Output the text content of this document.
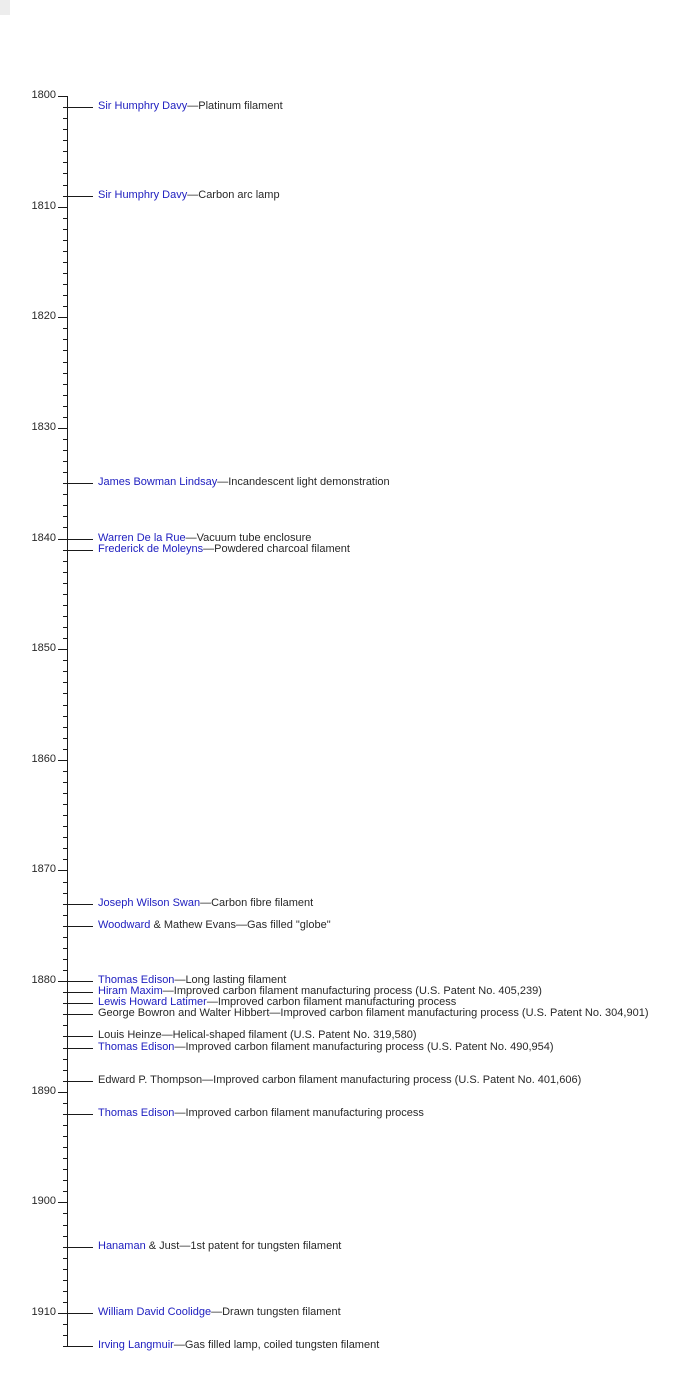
1800
1810
1820
1830
1840
1850
1860
1870
1880
1890
1900
1910
Sir Humphry Davy—Platinum filament
Sir Humphry Davy—Carbon arc lamp
James Bowman Lindsay—Incandescent light demonstration
Warren De la Rue—Vacuum tube enclosure
Frederick de Moleyns—Powdered charcoal filament
Joseph Wilson Swan—Carbon fibre filament
Woodward & Mathew Evans—Gas filled "globe"
Thomas Edison—Long lasting filament
Hiram Maxim—Improved carbon filament manufacturing process (U.S. Patent No. 405,239)
Lewis Howard Latimer—Improved carbon filament manufacturing process
George Bowron and Walter Hibbert—Improved carbon filament manufacturing process (U.S. Patent No. 304,901)
Louis Heinze—Helical-shaped filament (U.S. Patent No. 319,580)
Thomas Edison—Improved carbon filament manufacturing process (U.S. Patent No. 490,954)
Edward P. Thompson—Improved carbon filament manufacturing process (U.S. Patent No. 401,606)
Thomas Edison—Improved carbon filament manufacturing process
Hanaman & Just—1st patent for tungsten filament
William David Coolidge—Drawn tungsten filament
Irving Langmuir—Gas filled lamp, coiled tungsten filament
